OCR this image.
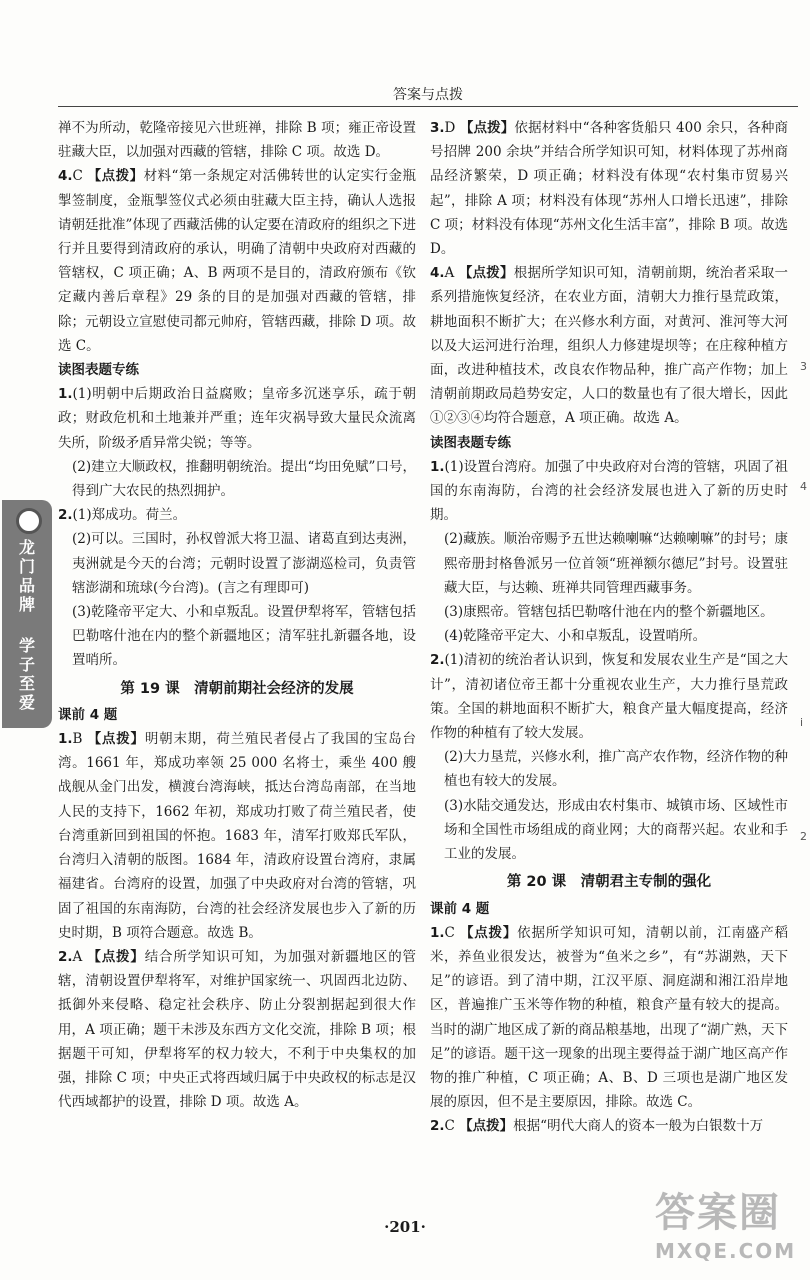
答案与点拨
龙
门
品
牌
学
子
至
爱

禅不为所动，乾隆帝接见六世班禅，排除 B 项；雍正帝设置驻藏大臣，以加强对西藏的管辖，排除 C 项。故选 D。

4.C 【点拨】材料“第一条规定对活佛转世的认定实行金瓶掣签制度，金瓶掣签仪式必须由驻藏大臣主持，确认人选报请朝廷批准”体现了西藏活佛的认定要在清政府的组织之下进行并且要得到清政府的承认，明确了清朝中央政府对西藏的管辖权，C 项正确；A、B 两项不是目的，清政府颁布《钦定藏内善后章程》29 条的目的是加强对西藏的管辖，排除；元朝设立宣慰使司都元帅府，管辖西藏，排除 D 项。故选 C。

读图表题专练

1.(1)明朝中后期政治日益腐败；皇帝多沉迷享乐，疏于朝政；财政危机和土地兼并严重；连年灾祸导致大量民众流离失所，阶级矛盾异常尖锐；等等。

(2)建立大顺政权，推翻明朝统治。提出“均田免赋”口号，得到广大农民的热烈拥护。

2.(1)郑成功。荷兰。

(2)可以。三国时，孙权曾派大将卫温、诸葛直到达夷洲，夷洲就是今天的台湾；元朝时设置了澎湖巡检司，负责管辖澎湖和琉球(今台湾)。(言之有理即可)

(3)乾隆帝平定大、小和卓叛乱。设置伊犁将军，管辖包括巴勒喀什池在内的整个新疆地区；清军驻扎新疆各地，设置哨所。

第 19 课　清朝前期社会经济的发展
课前 4 题

1.B 【点拨】明朝末期，荷兰殖民者侵占了我国的宝岛台湾。1661 年，郑成功率领 25 000 名将士，乘坐 400 艘战舰从金门出发，横渡台湾海峡，抵达台湾岛南部，在当地人民的支持下，1662 年初，郑成功打败了荷兰殖民者，使台湾重新回到祖国的怀抱。1683 年，清军打败郑氏军队，台湾归入清朝的版图。1684 年，清政府设置台湾府，隶属福建省。台湾府的设置，加强了中央政府对台湾的管辖，巩固了祖国的东南海防，台湾的社会经济发展也步入了新的历史时期，B 项符合题意。故选 B。

2.A 【点拨】结合所学知识可知，为加强对新疆地区的管辖，清朝设置伊犁将军，对维护国家统一、巩固西北边防、抵御外来侵略、稳定社会秩序、防止分裂割据起到很大作用，A 项正确；题干未涉及东西方文化交流，排除 B 项；根据题干可知，伊犁将军的权力较大，不利于中央集权的加强，排除 C 项；中央正式将西域归属于中央政权的标志是汉代西域都护的设置，排除 D 项。故选 A。

3.D 【点拨】依据材料中“各种客货船只 400 余只，各种商号招牌 200 余块”并结合所学知识可知，材料体现了苏州商品经济繁荣，D 项正确；材料没有体现“农村集市贸易兴起”，排除 A 项；材料没有体现“苏州人口增长迅速”，排除 C 项；材料没有体现“苏州文化生活丰富”，排除 B 项。故选 D。

4.A 【点拨】根据所学知识可知，清朝前期，统治者采取一系列措施恢复经济，在农业方面，清朝大力推行垦荒政策，耕地面积不断扩大；在兴修水利方面，对黄河、淮河等大河以及大运河进行治理，组织人力修建堤坝等；在庄稼种植方面，改进种植技术，改良农作物品种，推广高产作物；加上清朝前期政局趋势安定，人口的数量也有了很大增长，因此①②③④均符合题意，A 项正确。故选 A。

读图表题专练

1.(1)设置台湾府。加强了中央政府对台湾的管辖，巩固了祖国的东南海防，台湾的社会经济发展也进入了新的历史时期。

(2)藏族。顺治帝赐予五世达赖喇嘛“达赖喇嘛”的封号；康熙帝册封格鲁派另一位首领“班禅额尔德尼”封号。设置驻藏大臣，与达赖、班禅共同管理西藏事务。

(3)康熙帝。管辖包括巴勒喀什池在内的整个新疆地区。

(4)乾隆帝平定大、小和卓叛乱，设置哨所。

2.(1)清初的统治者认识到，恢复和发展农业生产是“国之大计”，清初诸位帝王都十分重视农业生产，大力推行垦荒政策。全国的耕地面积不断扩大，粮食产量大幅度提高，经济作物的种植有了较大发展。

(2)大力垦荒，兴修水利，推广高产农作物，经济作物的种植也有较大的发展。

(3)水陆交通发达，形成由农村集市、城镇市场、区域性市场和全国性市场组成的商业网；大的商帮兴起。农业和手工业的发展。

第 20 课　清朝君主专制的强化
课前 4 题

1.C 【点拨】依据所学知识可知，清朝以前，江南盛产稻米，养鱼业很发达，被誉为“鱼米之乡”，有“苏湖熟，天下足”的谚语。到了清中期，江汉平原、洞庭湖和湘江沿岸地区，普遍推广玉米等作物的种植，粮食产量有较大的提高。当时的湖广地区成了新的商品粮基地，出现了“湖广熟，天下足”的谚语。题干这一现象的出现主要得益于湖广地区高产作物的推广种植，C 项正确；A、B、D 三项也是湖广地区发展的原因，但不是主要原因，排除。故选 C。

2.C 【点拨】根据“明代大商人的资本一般为白银数十万

3
4
i
2
·201·	答案圈
MXQE.COM
